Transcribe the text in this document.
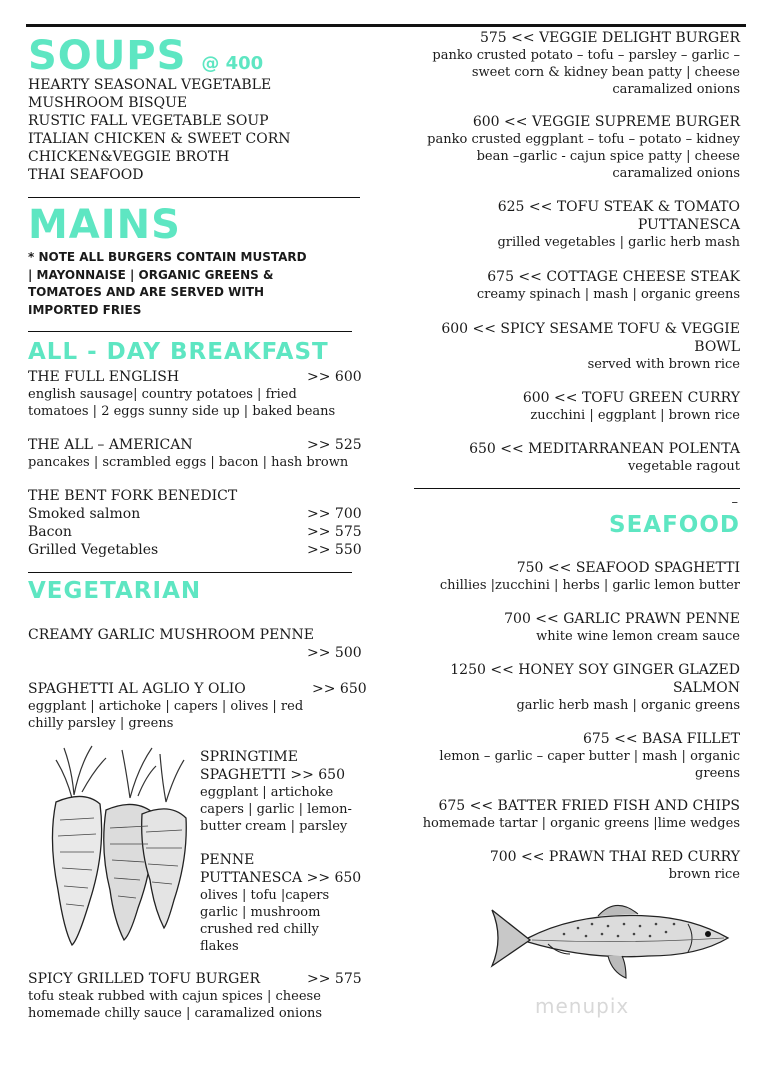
SOUPS @ 400
HEARTY SEASONAL VEGETABLE
MUSHROOM BISQUE
RUSTIC FALL VEGETABLE SOUP
ITALIAN CHICKEN & SWEET CORN
CHICKEN&VEGGIE BROTH
THAI SEAFOOD
MAINS
* NOTE ALL BURGERS CONTAIN MUSTARD
| MAYONNAISE | ORGANIC GREENS &
TOMATOES AND ARE SERVED WITH
IMPORTED FRIES
ALL - DAY BREAKFAST
THE FULL ENGLISH	>> 600
english sausage| country potatoes | fried
tomatoes | 2 eggs sunny side up | baked beans
THE ALL – AMERICAN	>> 525
pancakes | scrambled eggs | bacon | hash brown
THE BENT FORK BENEDICT
Smoked salmon	>> 700
Bacon	>> 575
Grilled Vegetables	>> 550
VEGETARIAN
CREAMY GARLIC MUSHROOM PENNE
>> 500
SPAGHETTI AL AGLIO Y OLIO	>> 650
eggplant | artichoke | capers | olives | red
chilly parsley | greens
SPRINGTIME
SPAGHETTI >> 650
eggplant | artichoke
capers | garlic | lemon-
butter cream | parsley
PENNE
PUTTANESCA >> 650
olives | tofu |capers
garlic | mushroom
crushed red chilly
flakes
SPICY GRILLED TOFU BURGER	>> 575
tofu steak rubbed with cajun spices | cheese
homemade chilly sauce | caramalized onions
575 << VEGGIE DELIGHT BURGER
panko crusted potato – tofu – parsley – garlic –
sweet corn & kidney bean patty | cheese
caramalized onions
600 << VEGGIE SUPREME BURGER
panko crusted eggplant – tofu – potato – kidney
bean –garlic - cajun spice patty | cheese
caramalized onions
625 << TOFU STEAK & TOMATO
PUTTANESCA
grilled vegetables | garlic herb mash
675 << COTTAGE CHEESE STEAK
creamy spinach | mash | organic greens
600 << SPICY SESAME TOFU & VEGGIE
BOWL
served with brown rice
600 << TOFU GREEN CURRY
zucchini | eggplant | brown rice
650 << MEDITARRANEAN POLENTA
vegetable ragout
–
SEAFOOD
750 << SEAFOOD SPAGHETTI
chillies |zucchini | herbs | garlic lemon butter
700 << GARLIC PRAWN PENNE
white wine lemon cream sauce
1250 << HONEY SOY GINGER GLAZED
SALMON
garlic herb mash | organic greens
675 << BASA FILLET
lemon – garlic – caper butter | mash | organic
greens
675 << BATTER FRIED FISH AND CHIPS
homemade tartar | organic greens |lime wedges
700 << PRAWN THAI RED CURRY
brown rice
menupix
